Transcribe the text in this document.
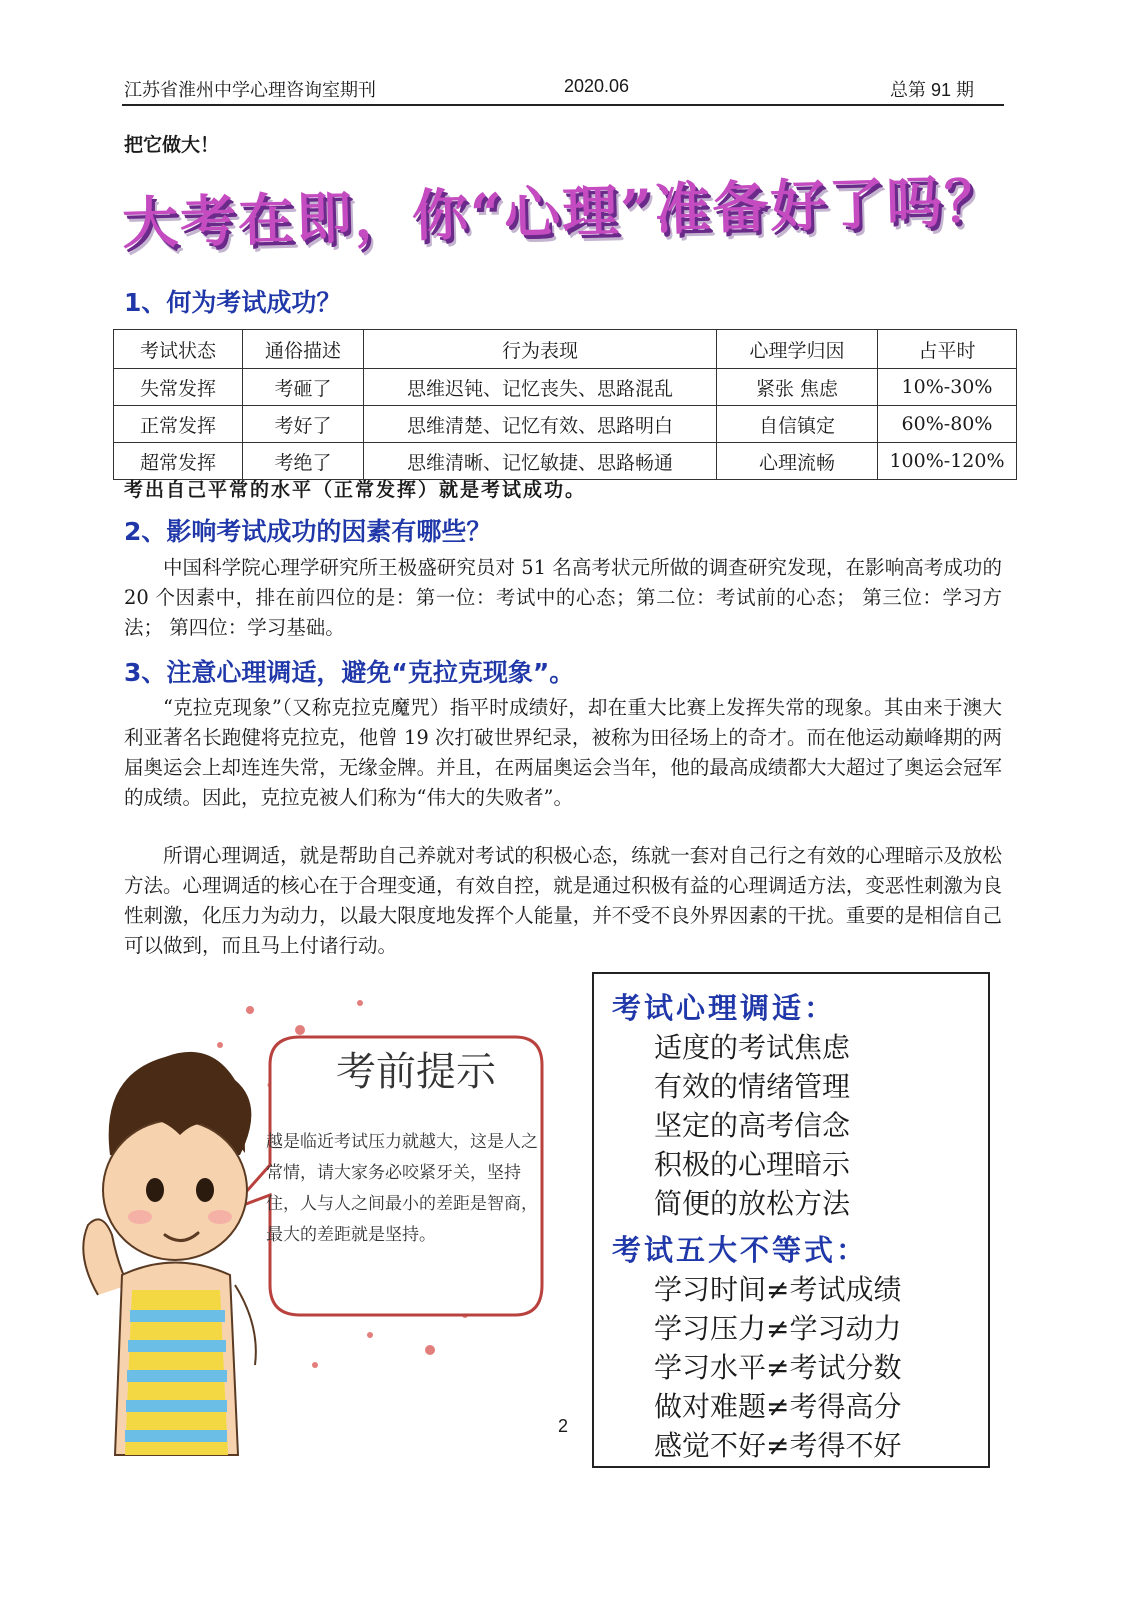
江苏省淮州中学心理咨询室期刊	2020.06	总第 91 期
把它做大！
大考在即，你“心理”准备好了吗？
1、何为考试成功？
考试状态	通俗描述	行为表现	心理学归因	占平时
失常发挥	考砸了	思维迟钝、记忆丧失、思路混乱	紧张 焦虑	10%-30%
正常发挥	考好了	思维清楚、记忆有效、思路明白	自信镇定	60%-80%
超常发挥	考绝了	思维清晰、记忆敏捷、思路畅通	心理流畅	100%-120%
考出自己平常的水平（正常发挥）就是考试成功。
2、影响考试成功的因素有哪些？

中国科学院心理学研究所王极盛研究员对 51 名高考状元所做的调查研究发现，在影响高考成功的 20 个因素中，排在前四位的是：第一位：考试中的心态；第二位：考试前的心态； 第三位：学习方法； 第四位：学习基础。

3、注意心理调适，避免“克拉克现象”。

“克拉克现象”（又称克拉克魔咒）指平时成绩好，却在重大比赛上发挥失常的现象。其由来于澳大利亚著名长跑健将克拉克，他曾 19 次打破世界纪录，被称为田径场上的奇才。而在他运动巅峰期的两届奥运会上却连连失常，无缘金牌。并且，在两届奥运会当年，他的最高成绩都大大超过了奥运会冠军的成绩。因此，克拉克被人们称为“伟大的失败者”。

所谓心理调适，就是帮助自己养就对考试的积极心态，练就一套对自己行之有效的心理暗示及放松方法。心理调适的核心在于合理变通，有效自控，就是通过积极有益的心理调适方法，变恶性刺激为良性刺激，化压力为动力，以最大限度地发挥个人能量，并不受不良外界因素的干扰。重要的是相信自己可以做到，而且马上付诸行动。

考前提示
越是临近考试压力就越大，这是人之常情，请大家务必咬紧牙关，坚持住，人与人之间最小的差距是智商，最大的差距就是坚持。
2
考试心理调适：
适度的考试焦虑
有效的情绪管理
坚定的高考信念
积极的心理暗示
简便的放松方法
考试五大不等式：
学习时间≠考试成绩
学习压力≠学习动力
学习水平≠考试分数
做对难题≠考得高分
感觉不好≠考得不好
